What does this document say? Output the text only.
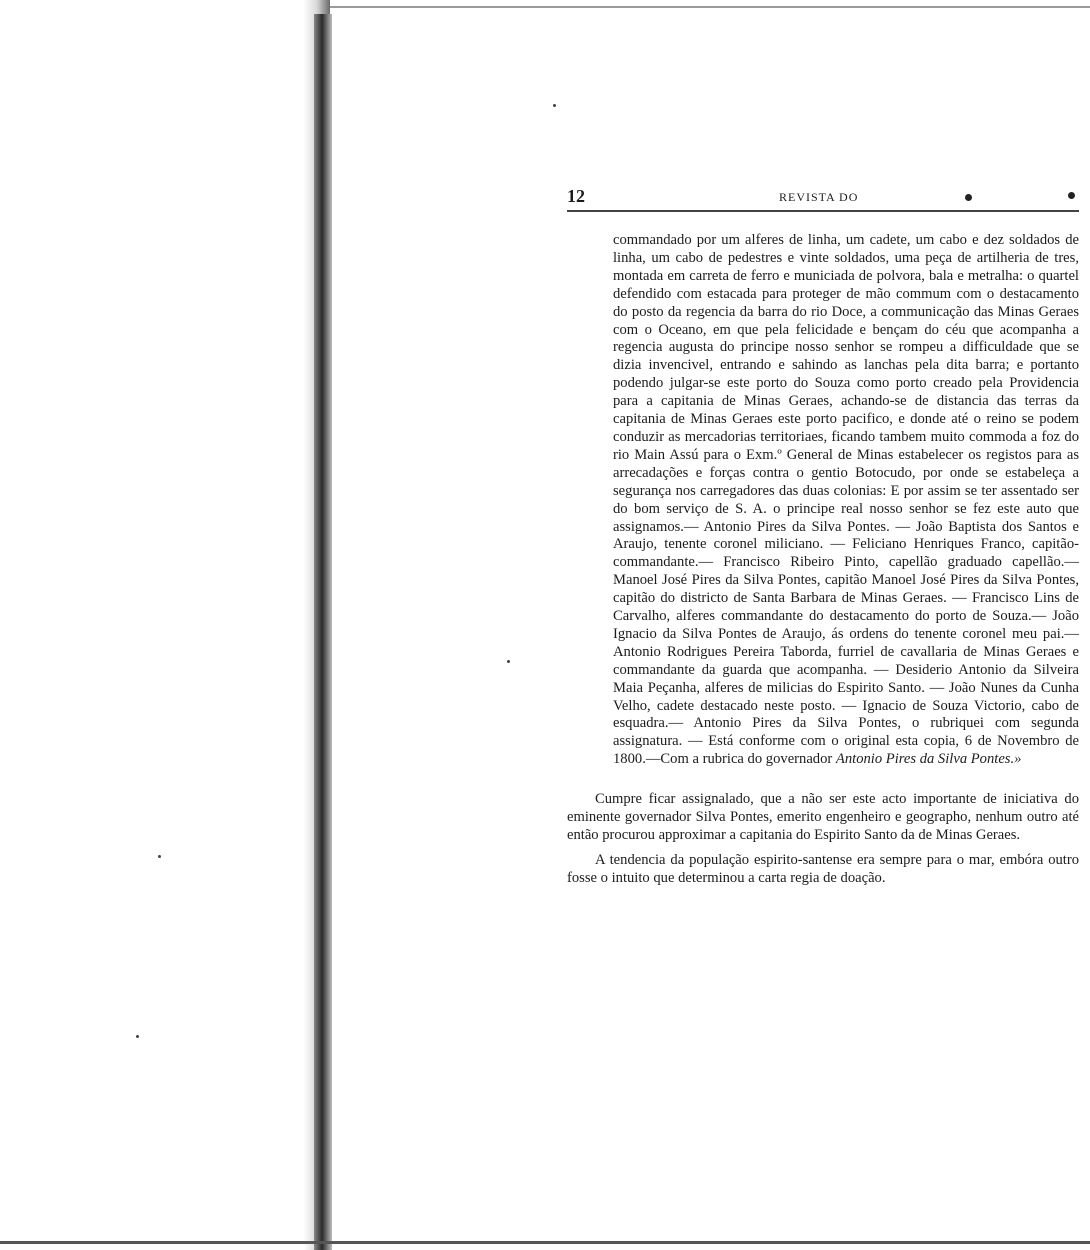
12	REVISTA DO

commandado por um alferes de linha, um cadete, um cabo e dez soldados de linha, um cabo de pedestres e vinte soldados, uma peça de artilheria de tres, montada em carreta de ferro e municiada de polvora, bala e metralha: o quartel defendido com estacada para proteger de mão commum com o destacamento do posto da regencia da barra do rio Doce, a communicação das Minas Geraes com o Oceano, em que pela felicidade e bençam do céu que acompanha a regencia augusta do principe nosso senhor se rompeu a difficuldade que se dizia invencivel, entrando e sahindo as lanchas pela dita barra; e portanto podendo julgar-se este porto do Souza como porto creado pela Providencia para a capitania de Minas Geraes, achando-se de distancia das terras da capitania de Minas Geraes este porto pacifico, e donde até o reino se podem conduzir as mercadorias territoriaes, ficando tambem muito commoda a foz do rio Main Assú para o Exm.º General de Minas estabelecer os registos para as arrecadações e forças contra o gentio Botocudo, por onde se estabeleça a segurança nos carregadores das duas colonias: E por assim se ter assentado ser do bom serviço de S. A. o principe real nosso senhor se fez este auto que assignamos.— Antonio Pires da Silva Pontes. — João Baptista dos Santos e Araujo, tenente coronel miliciano. — Feliciano Henriques Franco, capitão-commandante.— Francisco Ribeiro Pinto, capellão graduado capellão.—Manoel José Pires da Silva Pontes, capitão Manoel José Pires da Silva Pontes, capitão do districto de Santa Barbara de Minas Geraes. — Francisco Lins de Carvalho, alferes commandante do destacamento do porto de Souza.— João Ignacio da Silva Pontes de Araujo, ás ordens do tenente coronel meu pai.— Antonio Rodrigues Pereira Taborda, furriel de cavallaria de Minas Geraes e commandante da guarda que acompanha. — Desiderio Antonio da Silveira Maia Peçanha, alferes de milicias do Espirito Santo. — João Nunes da Cunha Velho, cadete destacado neste posto. — Ignacio de Souza Victorio, cabo de esquadra.— Antonio Pires da Silva Pontes, o rubriquei com segunda assignatura. — Está conforme com o original esta copia, 6 de Novembro de 1800.—Com a rubrica do governador Antonio Pires da Silva Pontes.»

Cumpre ficar assignalado, que a não ser este acto importante de iniciativa do eminente governador Silva Pontes, emerito engenheiro e geographo, nenhum outro até então procurou approximar a capitania do Espirito Santo da de Minas Geraes.

A tendencia da população espirito-santense era sempre para o mar, embóra outro fosse o intuito que determinou a carta regia de doação.
